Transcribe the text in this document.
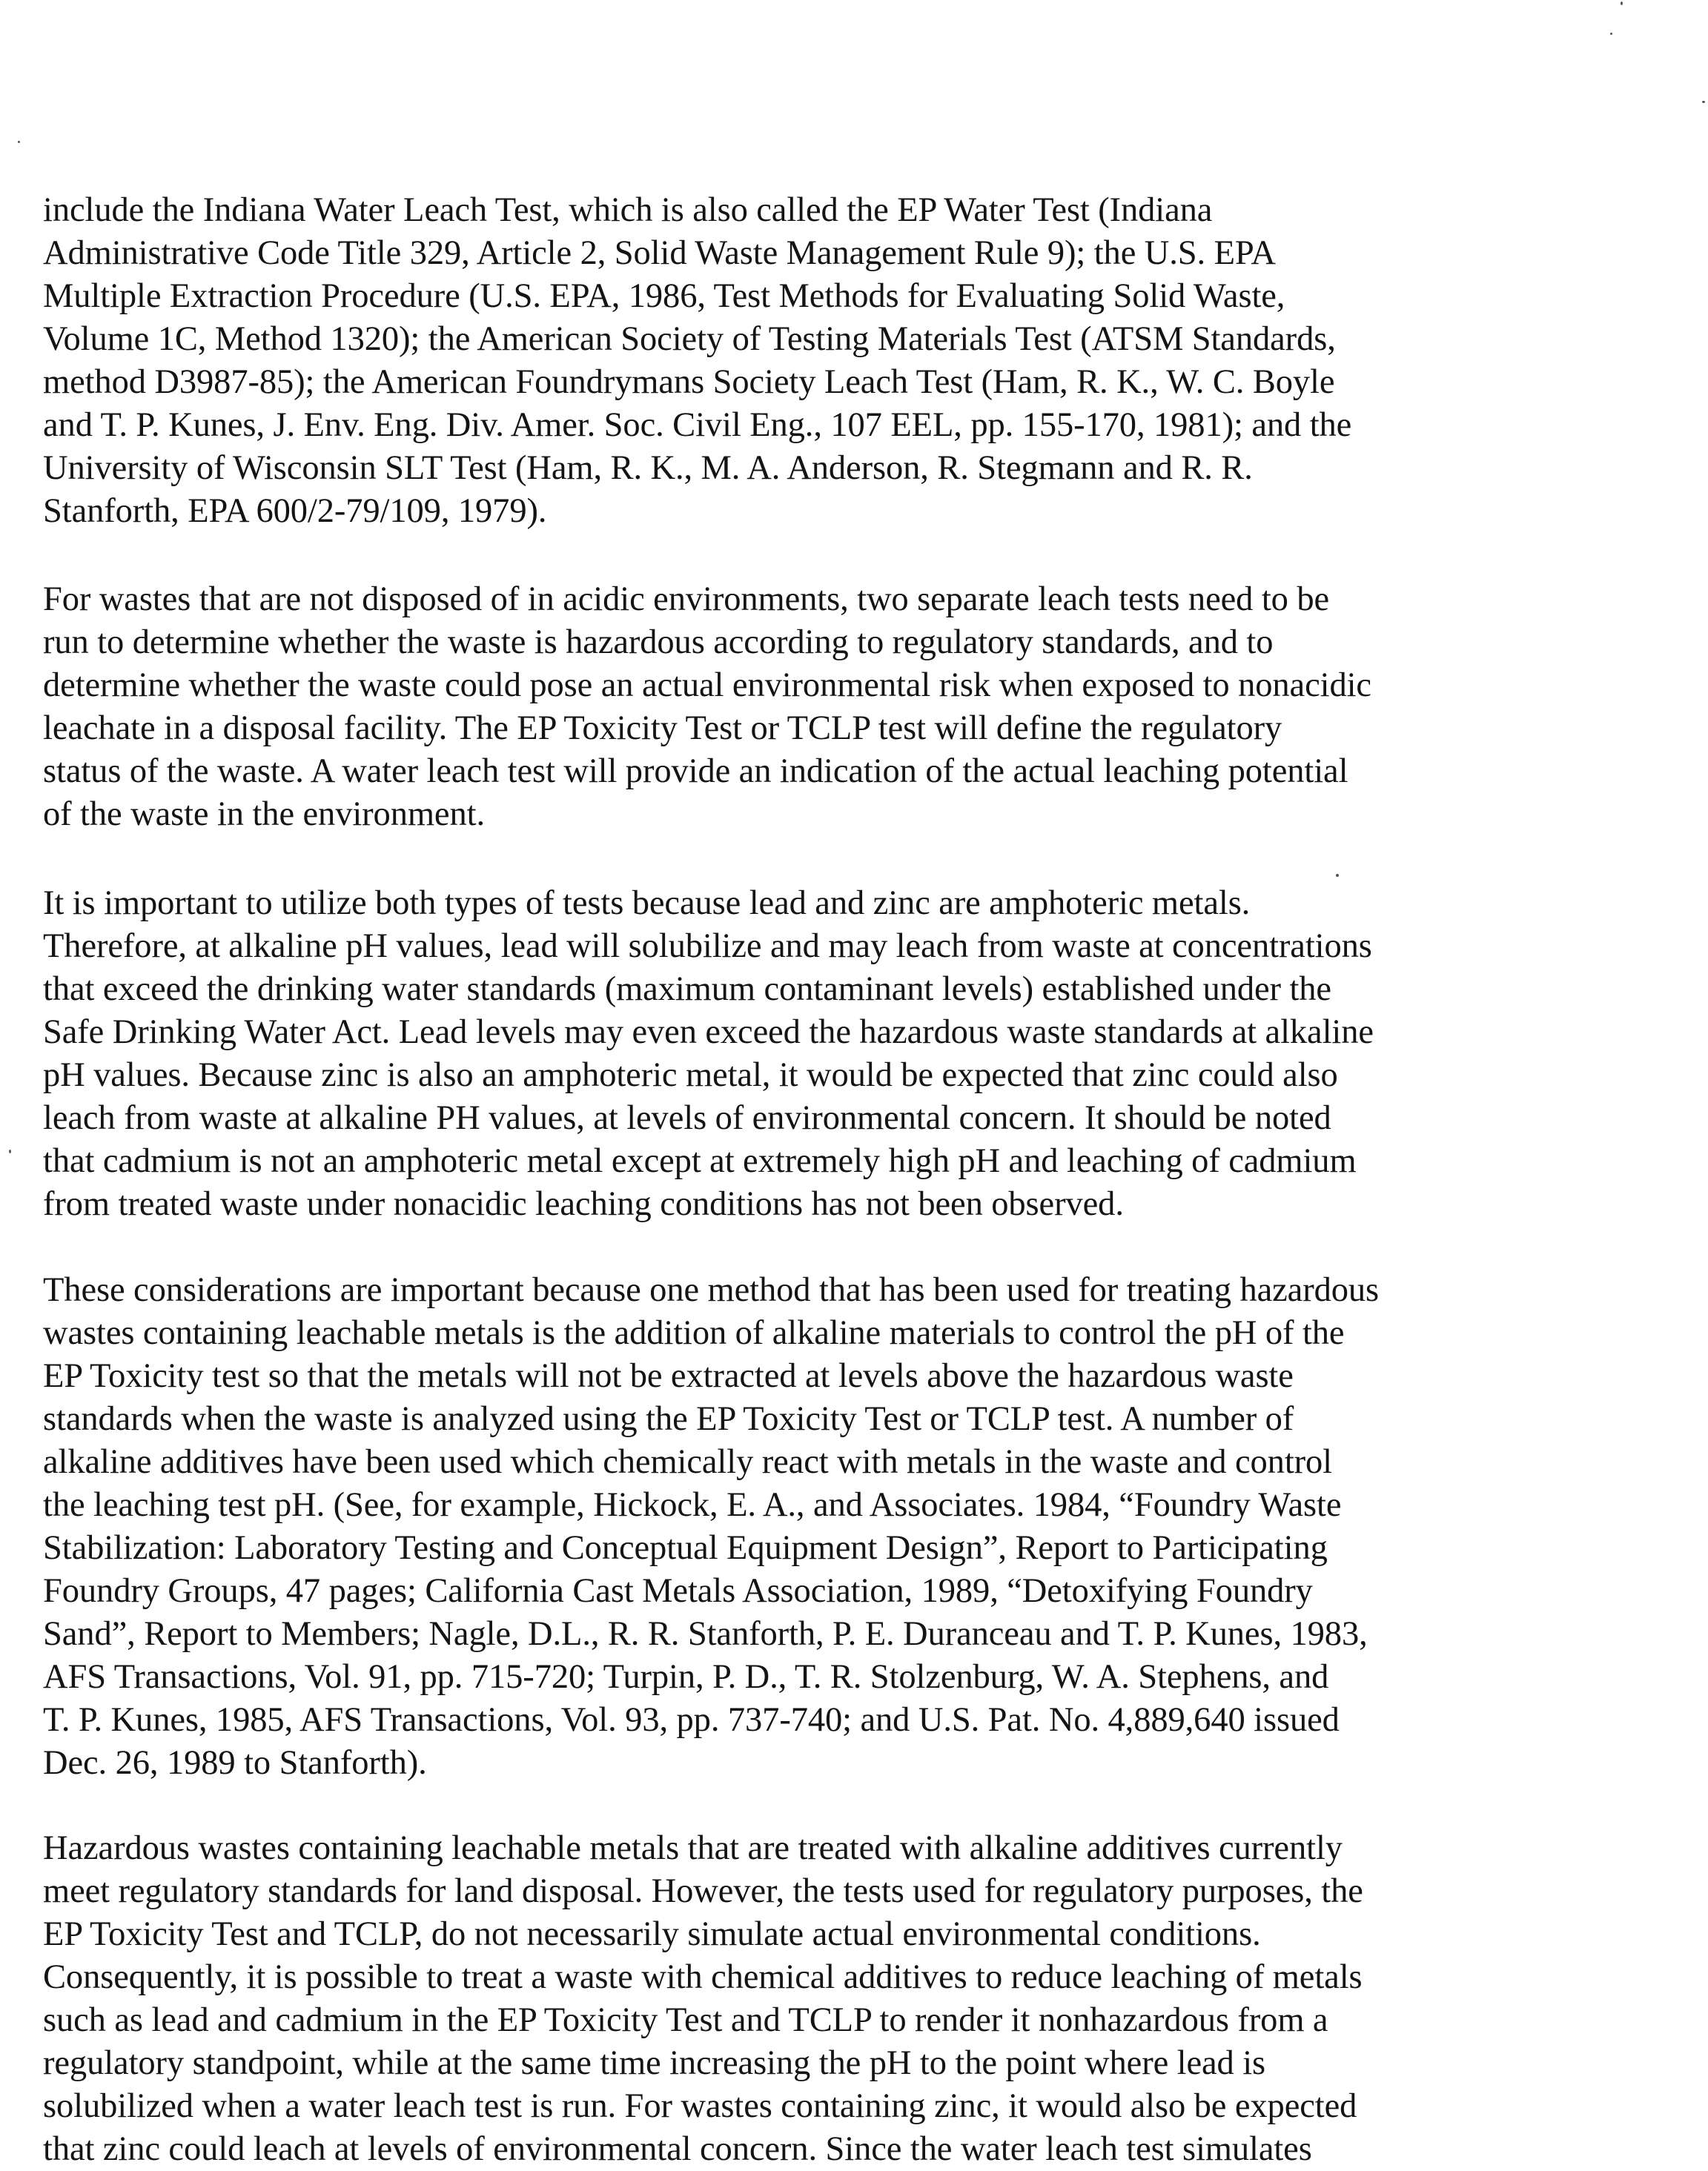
include the Indiana Water Leach Test, which is also called the EP Water Test (Indiana
Administrative Code Title 329, Article 2, Solid Waste Management Rule 9); the U.S. EPA
Multiple Extraction Procedure (U.S. EPA, 1986, Test Methods for Evaluating Solid Waste,
Volume 1C, Method 1320); the American Society of Testing Materials Test (ATSM Standards,
method D3987-85); the American Foundrymans Society Leach Test (Ham, R. K., W. C. Boyle
and T. P. Kunes, J. Env. Eng. Div. Amer. Soc. Civil Eng., 107 EEL, pp. 155-170, 1981); and the
University of Wisconsin SLT Test (Ham, R. K., M. A. Anderson, R. Stegmann and R. R.
Stanforth, EPA 600/2-79/109, 1979).
For wastes that are not disposed of in acidic environments, two separate leach tests need to be
run to determine whether the waste is hazardous according to regulatory standards, and to
determine whether the waste could pose an actual environmental risk when exposed to nonacidic
leachate in a disposal facility. The EP Toxicity Test or TCLP test will define the regulatory
status of the waste. A water leach test will provide an indication of the actual leaching potential
of the waste in the environment.
It is important to utilize both types of tests because lead and zinc are amphoteric metals.
Therefore, at alkaline pH values, lead will solubilize and may leach from waste at concentrations
that exceed the drinking water standards (maximum contaminant levels) established under the
Safe Drinking Water Act. Lead levels may even exceed the hazardous waste standards at alkaline
pH values. Because zinc is also an amphoteric metal, it would be expected that zinc could also
leach from waste at alkaline PH values, at levels of environmental concern. It should be noted
that cadmium is not an amphoteric metal except at extremely high pH and leaching of cadmium
from treated waste under nonacidic leaching conditions has not been observed.
These considerations are important because one method that has been used for treating hazardous
wastes containing leachable metals is the addition of alkaline materials to control the pH of the
EP Toxicity test so that the metals will not be extracted at levels above the hazardous waste
standards when the waste is analyzed using the EP Toxicity Test or TCLP test. A number of
alkaline additives have been used which chemically react with metals in the waste and control
the leaching test pH. (See, for example, Hickock, E. A., and Associates. 1984, “Foundry Waste
Stabilization: Laboratory Testing and Conceptual Equipment Design”, Report to Participating
Foundry Groups, 47 pages; California Cast Metals Association, 1989, “Detoxifying Foundry
Sand”, Report to Members; Nagle, D.L., R. R. Stanforth, P. E. Duranceau and T. P. Kunes, 1983,
AFS Transactions, Vol. 91, pp. 715-720; Turpin, P. D., T. R. Stolzenburg, W. A. Stephens, and
T. P. Kunes, 1985, AFS Transactions, Vol. 93, pp. 737-740; and U.S. Pat. No. 4,889,640 issued
Dec. 26, 1989 to Stanforth).
Hazardous wastes containing leachable metals that are treated with alkaline additives currently
meet regulatory standards for land disposal. However, the tests used for regulatory purposes, the
EP Toxicity Test and TCLP, do not necessarily simulate actual environmental conditions.
Consequently, it is possible to treat a waste with chemical additives to reduce leaching of metals
such as lead and cadmium in the EP Toxicity Test and TCLP to render it nonhazardous from a
regulatory standpoint, while at the same time increasing the pH to the point where lead is
solubilized when a water leach test is run. For wastes containing zinc, it would also be expected
that zinc could leach at levels of environmental concern. Since the water leach test simulates
